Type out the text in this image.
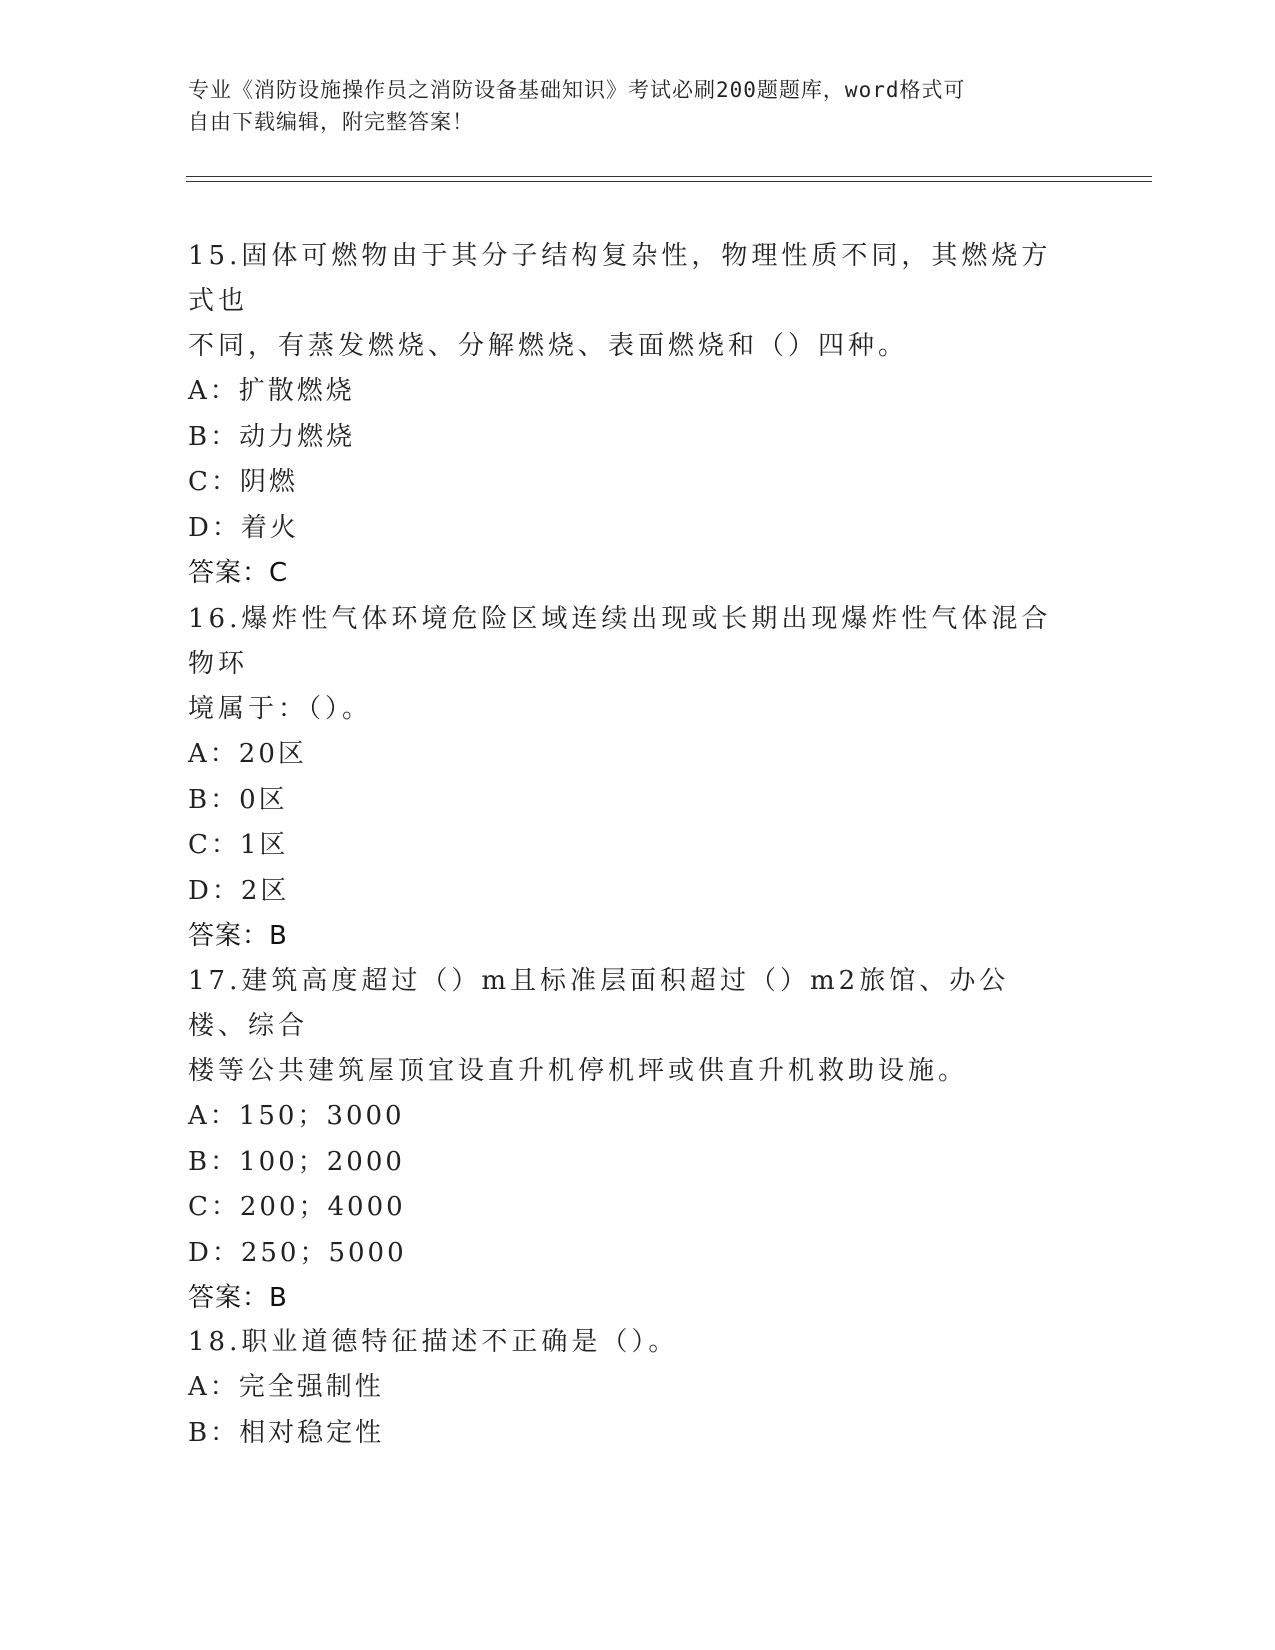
专业《消防设施操作员之消防设备基础知识》考试必刷200题题库，word格式可
自由下载编辑，附完整答案！
15.固体可燃物由于其分子结构复杂性，物理性质不同，其燃烧方式也
不同，有蒸发燃烧、分解燃烧、表面燃烧和（）四种。
A：扩散燃烧
B：动力燃烧
C：阴燃
D：着火
答案：C
16.爆炸性气体环境危险区域连续出现或长期出现爆炸性气体混合物环
境属于：（）。
A：20区
B：0区
C：1区
D：2区
答案：B
17.建筑高度超过（）m且标准层面积超过（）m2旅馆、办公楼、综合
楼等公共建筑屋顶宜设直升机停机坪或供直升机救助设施。
A：150；3000
B：100；2000
C：200；4000
D：250；5000
答案：B
18.职业道德特征描述不正确是（）。
A：完全强制性
B：相对稳定性
